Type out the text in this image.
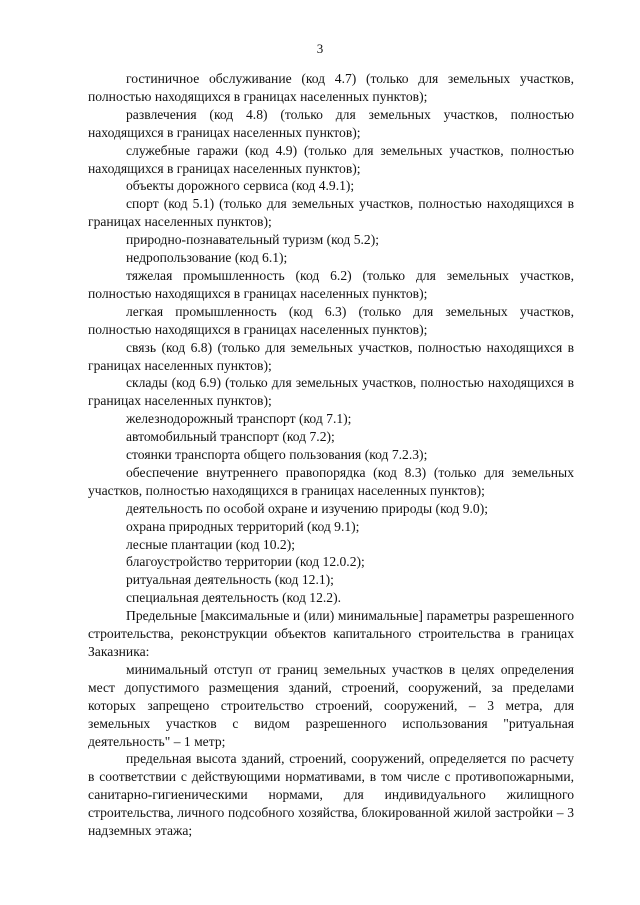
3

гостиничное обслуживание (код 4.7) (только для земельных участков, полностью находящихся в границах населенных пунктов);

развлечения (код 4.8) (только для земельных участков, полностью находящихся в границах населенных пунктов);

служебные гаражи (код 4.9) (только для земельных участков, полностью находящихся в границах населенных пунктов);

объекты дорожного сервиса (код 4.9.1);

спорт (код 5.1) (только для земельных участков, полностью находящихся в границах населенных пунктов);

природно-познавательный туризм (код 5.2);

недропользование (код 6.1);

тяжелая промышленность (код 6.2) (только для земельных участков, полностью находящихся в границах населенных пунктов);

легкая промышленность (код 6.3) (только для земельных участков, полностью находящихся в границах населенных пунктов);

связь (код 6.8) (только для земельных участков, полностью находящихся в границах населенных пунктов);

склады (код 6.9) (только для земельных участков, полностью находящихся в границах населенных пунктов);

железнодорожный транспорт (код 7.1);

автомобильный транспорт (код 7.2);

стоянки транспорта общего пользования (код 7.2.3);

обеспечение внутреннего правопорядка (код 8.3) (только для земельных участков, полностью находящихся в границах населенных пунктов);

деятельность по особой охране и изучению природы (код 9.0);

охрана природных территорий (код 9.1);

лесные плантации (код 10.2);

благоустройство территории (код 12.0.2);

ритуальная деятельность (код 12.1);

специальная деятельность (код 12.2).

Предельные [максимальные и (или) минимальные] параметры разрешенного строительства, реконструкции объектов капитального строительства в границах Заказника:

минимальный отступ от границ земельных участков в целях определения мест допустимого размещения зданий, строений, сооружений, за пределами которых запрещено строительство строений, сооружений, – 3 метра, для земельных участков с видом разрешенного использования "ритуальная деятельность" – 1 метр;

предельная высота зданий, строений, сооружений, определяется по расчету в соответствии с действующими нормативами, в том числе с противопожарными, санитарно-гигиеническими нормами, для индивидуального жилищного строительства, личного подсобного хозяйства, блокированной жилой застройки – 3 надземных этажа;
